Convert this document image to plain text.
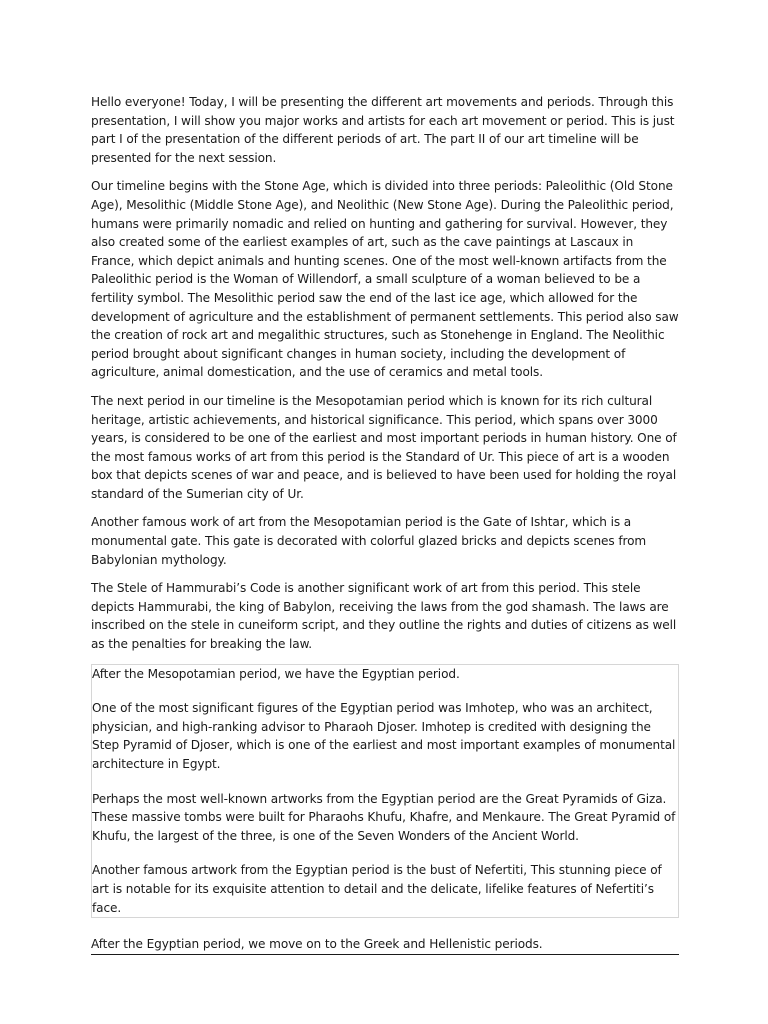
Hello everyone! Today, I will be presenting the different art movements and periods. Through this presentation, I will show you major works and artists for each art movement or period. This is just part I of the presentation of the different periods of art. The part II of our art timeline will be presented for the next session.

Our timeline begins with the Stone Age, which is divided into three periods: Paleolithic (Old Stone Age), Mesolithic (Middle Stone Age), and Neolithic (New Stone Age). During the Paleolithic period, humans were primarily nomadic and relied on hunting and gathering for survival. However, they also created some of the earliest examples of art, such as the cave paintings at Lascaux in France, which depict animals and hunting scenes. One of the most well-known artifacts from the Paleolithic period is the Woman of Willendorf, a small sculpture of a woman believed to be a fertility symbol. The Mesolithic period saw the end of the last ice age, which allowed for the development of agriculture and the establishment of permanent settlements. This period also saw the creation of rock art and megalithic structures, such as Stonehenge in England. The Neolithic period brought about significant changes in human society, including the development of agriculture, animal domestication, and the use of ceramics and metal tools.

The next period in our timeline is the Mesopotamian period which is known for its rich cultural heritage, artistic achievements, and historical significance. This period, which spans over 3000 years, is considered to be one of the earliest and most important periods in human history. One of the most famous works of art from this period is the Standard of Ur. This piece of art is a wooden box that depicts scenes of war and peace, and is believed to have been used for holding the royal standard of the Sumerian city of Ur.

Another famous work of art from the Mesopotamian period is the Gate of Ishtar, which is a monumental gate. This gate is decorated with colorful glazed bricks and depicts scenes from Babylonian mythology.

The Stele of Hammurabi’s Code is another significant work of art from this period. This stele depicts Hammurabi, the king of Babylon, receiving the laws from the god shamash. The laws are inscribed on the stele in cuneiform script, and they outline the rights and duties of citizens as well as the penalties for breaking the law.

After the Mesopotamian period, we have the Egyptian period.

One of the most significant figures of the Egyptian period was Imhotep, who was an architect, physician, and high-ranking advisor to Pharaoh Djoser. Imhotep is credited with designing the Step Pyramid of Djoser, which is one of the earliest and most important examples of monumental architecture in Egypt.

Perhaps the most well-known artworks from the Egyptian period are the Great Pyramids of Giza. These massive tombs were built for Pharaohs Khufu, Khafre, and Menkaure. The Great Pyramid of Khufu, the largest of the three, is one of the Seven Wonders of the Ancient World.

Another famous artwork from the Egyptian period is the bust of Nefertiti, This stunning piece of art is notable for its exquisite attention to detail and the delicate, lifelike features of Nefertiti’s face.

After the Egyptian period, we move on to the Greek and Hellenistic periods.
